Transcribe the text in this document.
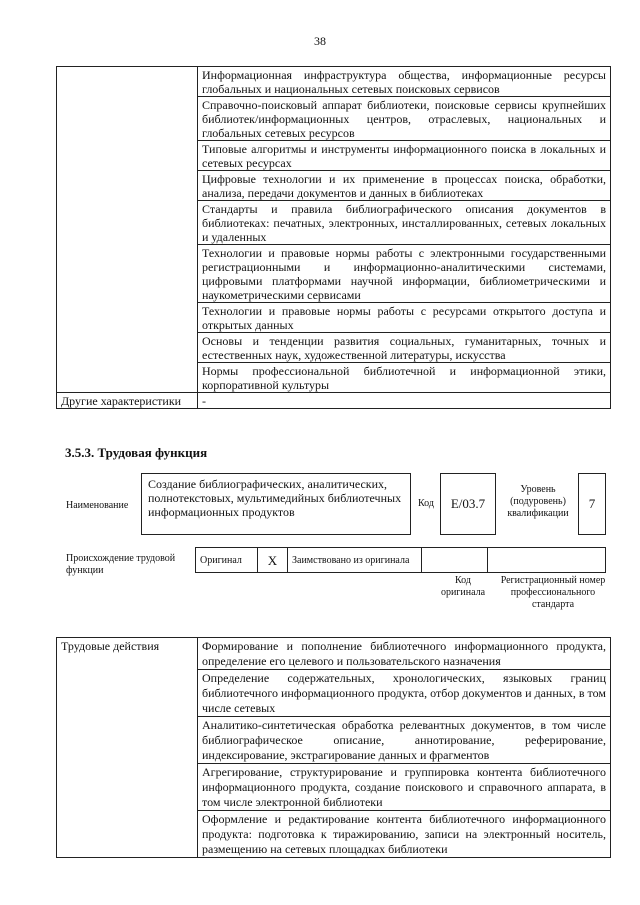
38
	Информационная инфраструктура общества, информационные ресурсы глобальных и национальных сетевых поисковых сервисов
	Справочно-поисковый аппарат библиотеки, поисковые сервисы крупнейших библиотек/информационных центров, отраслевых, национальных и глобальных сетевых ресурсов
	Типовые алгоритмы и инструменты информационного поиска в локальных и сетевых ресурсах
	Цифровые технологии и их применение в процессах поиска, обработки, анализа, передачи документов и данных в библиотеках
	Стандарты и правила библиографического описания документов в библиотеках: печатных, электронных, инсталлированных, сетевых локальных и удаленных
	Технологии и правовые нормы работы с электронными государственными регистрационными и информационно-аналитическими системами, цифровыми платформами научной информации, библиометрическими и наукометрическими сервисами
	Технологии и правовые нормы работы с ресурсами открытого доступа и открытых данных
	Основы и тенденции развития социальных, гуманитарных, точных и естественных наук, художественной литературы, искусства
	Нормы профессиональной библиотечной и информационной этики, корпоративной культуры
Другие характеристики	-
3.5.3. Трудовая функция
Наименование
Создание библиографических, аналитических, полнотекстовых, мультимедийных библиотечных информационных продуктов
Код	E/03.7
Уровень (подуровень) квалификации
7
Происхождение трудовой функции
Оригинал	X	Заимствовано из оригинала		
Код оригинала
Регистрационный номер профессионального стандарта
Трудовые действия	Формирование и пополнение библиотечного информационного продукта, определение его целевого и пользовательского назначения
Определение содержательных, хронологических, языковых границ библиотечного информационного продукта, отбор документов и данных, в том числе сетевых
Аналитико-синтетическая обработка релевантных документов, в том числе библиографическое описание, аннотирование, реферирование, индексирование, экстрагирование данных и фрагментов
Агрегирование, структурирование и группировка контента библиотечного информационного продукта, создание поискового и справочного аппарата, в том числе электронной библиотеки
Оформление и редактирование контента библиотечного информационного продукта: подготовка к тиражированию, записи на электронный носитель, размещению на сетевых площадках библиотеки
